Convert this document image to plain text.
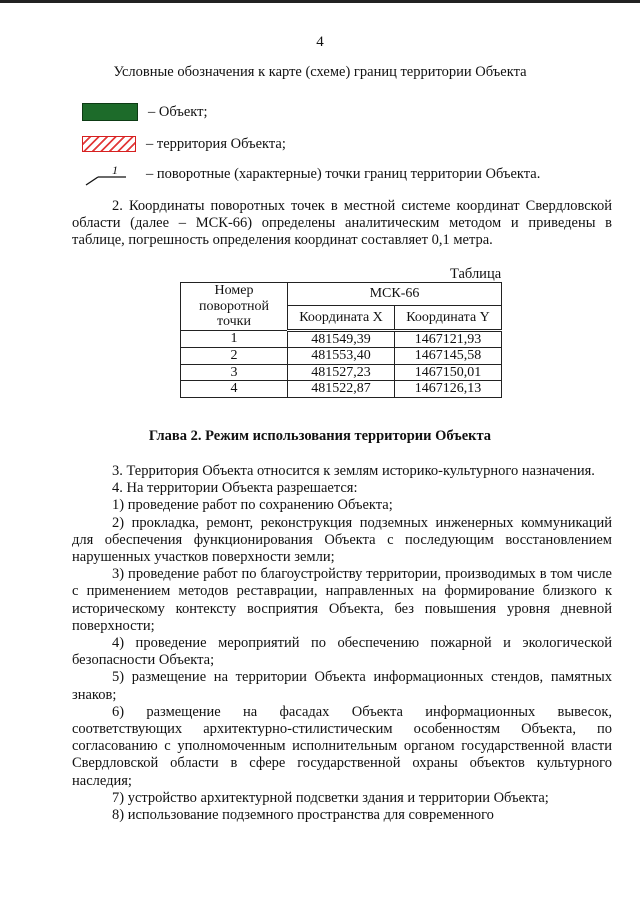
4
Условные обозначения к карте (схеме) границ территории Объекта
– Объект;
– территория Объекта;
1 – поворотные (характерные) точки границ территории Объекта.

2. Координаты поворотных точек в местной системе координат Свердловской области (далее – МСК-66) определены аналитическим методом и приведены в таблице, погрешность определения координат составляет 0,1 метра.

Таблица
Номер поворотной точки	МСК-66	
	Координата X	Координата Y
1	481549,39	1467121,93
2	481553,40	1467145,58
3	481527,23	1467150,01
4	481522,87	1467126,13
Глава 2. Режим использования территории Объекта

3. Территория Объекта относится к землям историко-культурного назначения.

4. На территории Объекта разрешается:

1) проведение работ по сохранению Объекта;

2) прокладка, ремонт, реконструкция подземных инженерных коммуникаций для обеспечения функционирования Объекта с последующим восстановлением нарушенных участков поверхности земли;

3) проведение работ по благоустройству территории, производимых в том числе с применением методов реставрации, направленных на формирование близкого к историческому контексту восприятия Объекта, без повышения уровня дневной поверхности;

4) проведение мероприятий по обеспечению пожарной и экологической безопасности Объекта;

5) размещение на территории Объекта информационных стендов, памятных знаков;

6) размещение на фасадах Объекта информационных вывесок, соответствующих архитектурно-стилистическим особенностям Объекта, по согласованию с уполномоченным исполнительным органом государственной власти Свердловской области в сфере государственной охраны объектов культурного наследия;

7) устройство архитектурной подсветки здания и территории Объекта;

8) использование подземного пространства для современного
